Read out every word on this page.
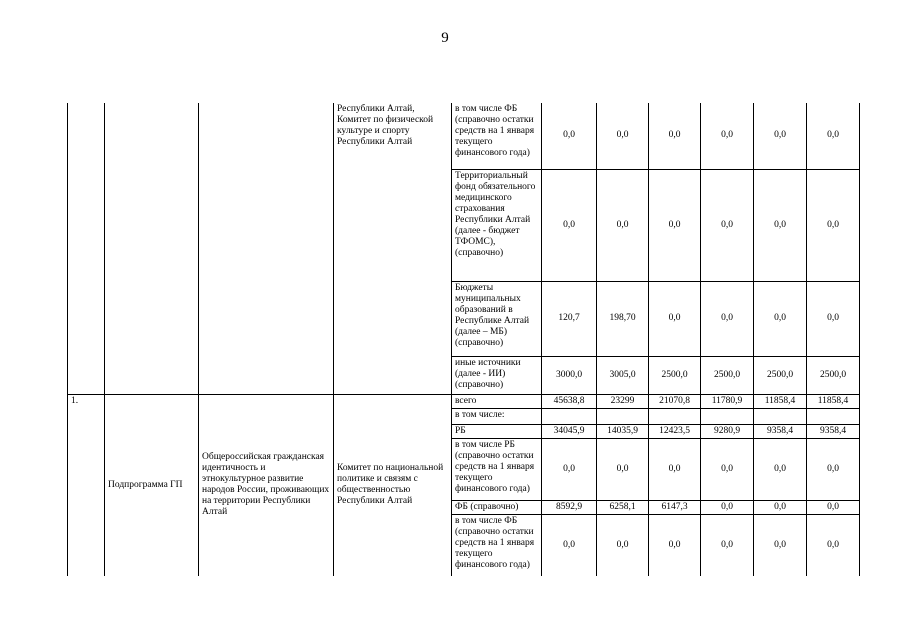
9
			Республики Алтай, Комитет по физической культуре и спорту Республики Алтай	в том числе ФБ (справочно остатки средств на 1 января текущего финансового года)	0,0	0,0	0,0	0,0	0,0	0,0
				Территориальный фонд обязательного медицинского страхования Республики Алтай (далее - бюджет ТФОМС), (справочно)	0,0	0,0	0,0	0,0	0,0	0,0
				Бюджеты муниципальных образований в Республике Алтай (далее – МБ) (справочно)	120,7	198,70	0,0	0,0	0,0	0,0
				иные источники (далее - ИИ) (справочно)	3000,0	3005,0	2500,0	2500,0	2500,0	2500,0
1.	Подпрограмма ГП	Общероссийская гражданская идентичность и этнокультурное развитие народов России, проживающих на территории Республики Алтай	Комитет по национальной политике и связям с общественностью Республики Алтай	всего	45638,8	23299	21070,8	11780,9	11858,4	11858,4
				в том числе:						
				РБ	34045,9	14035,9	12423,5	9280,9	9358,4	9358,4
				в том числе РБ (справочно остатки средств на 1 января текущего финансового года)	0,0	0,0	0,0	0,0	0,0	0,0
				ФБ (справочно)	8592,9	6258,1	6147,3	0,0	0,0	0,0
				в том числе ФБ (справочно остатки средств на 1 января текущего финансового года)	0,0	0,0	0,0	0,0	0,0	0,0
